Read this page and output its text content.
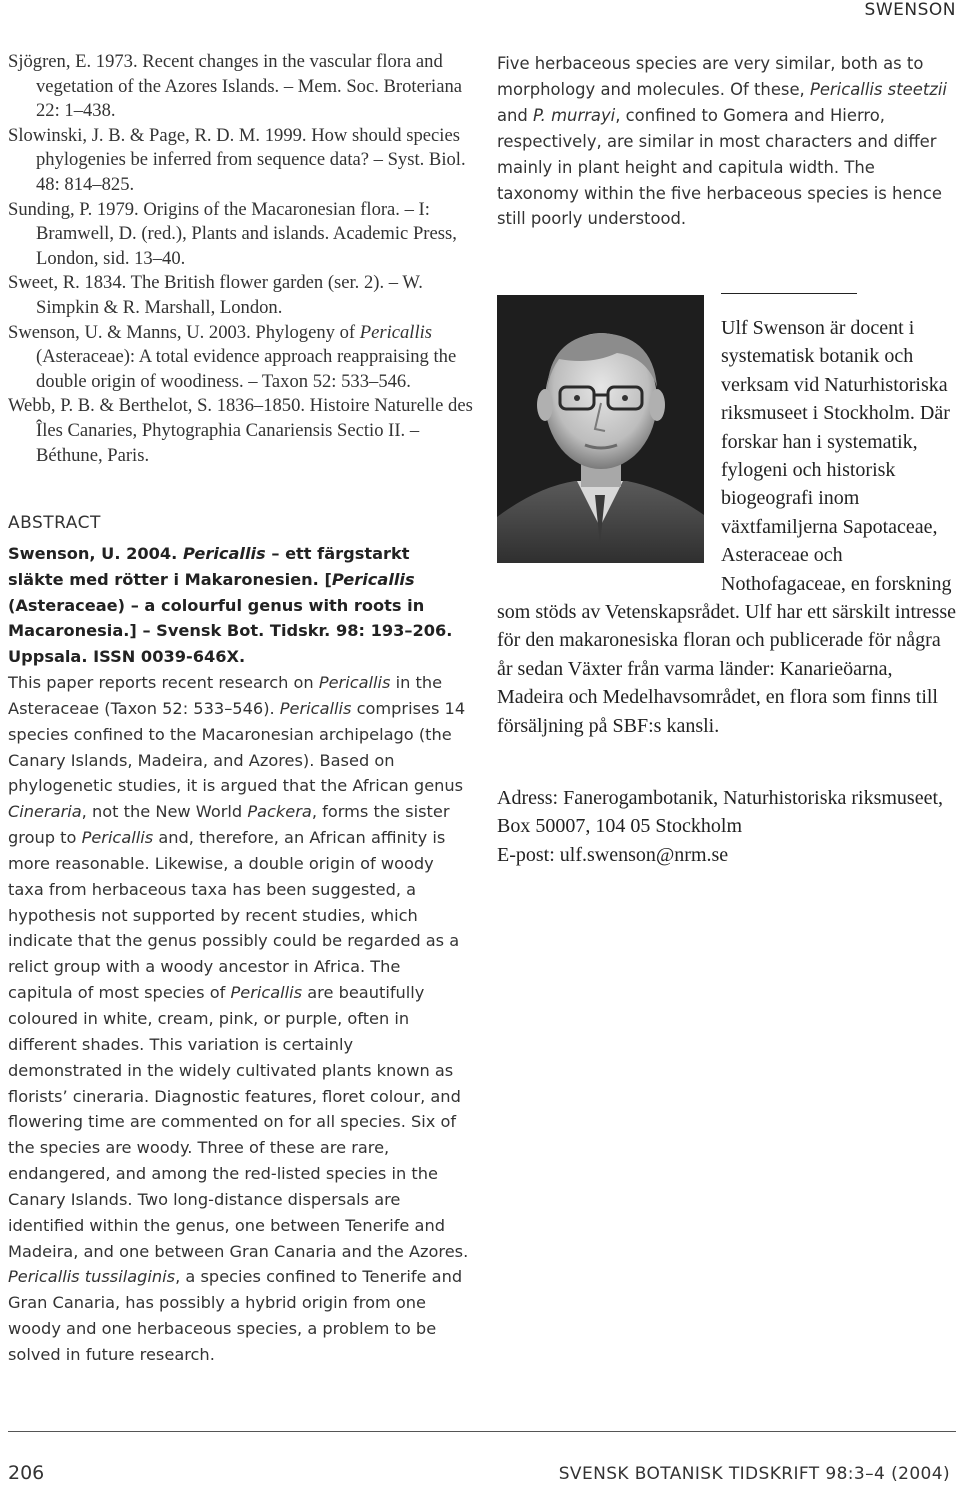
SWENSON

Sjögren, E. 1973. Recent changes in the vascular flora and vegetation of the Azores Islands. – Mem. Soc. Broteriana 22: 1–438.

Slowinski, J. B. & Page, R. D. M. 1999. How should species phylogenies be inferred from sequence data? – Syst. Biol. 48: 814–825.

Sunding, P. 1979. Origins of the Macaronesian flora. – I: Bramwell, D. (red.), Plants and islands. Academic Press, London, sid. 13–40.

Sweet, R. 1834. The British flower garden (ser. 2). – W. Simpkin & R. Marshall, London.

Swenson, U. & Manns, U. 2003. Phylogeny of Pericallis (Asteraceae): A total evidence approach reappraising the double origin of woodiness. – Taxon 52: 533–546.

Webb, P. B. & Berthelot, S. 1836–1850. Histoire Naturelle des Îles Canaries, Phytographia Canariensis Sectio II. – Béthune, Paris.

ABSTRACT

Swenson, U. 2004. Pericallis – ett färgstarkt släkte med rötter i Makaronesien. [Pericallis (Asteraceae) – a colourful genus with roots in Macaronesia.] – Svensk Bot. Tidskr. 98: 193–206. Uppsala. ISSN 0039-646X.

This paper reports recent research on Pericallis in the Asteraceae (Taxon 52: 533–546). Pericallis comprises 14 species confined to the Macaronesian archipelago (the Canary Islands, Madeira, and Azores). Based on phylogenetic studies, it is argued that the African genus Cineraria, not the New World Packera, forms the sister group to Pericallis and, therefore, an African affinity is more reasonable. Likewise, a double origin of woody taxa from herbaceous taxa has been suggested, a hypothesis not supported by recent studies, which indicate that the genus possibly could be regarded as a relict group with a woody ancestor in Africa. The capitula of most species of Pericallis are beautifully coloured in white, cream, pink, or purple, often in different shades. This variation is certainly demonstrated in the widely cultivated plants known as florists’ cineraria. Diagnostic features, floret colour, and flowering time are commented on for all species. Six of the species are woody. Three of these are rare, endangered, and among the red-listed species in the Canary Islands. Two long-distance dispersals are identified within the genus, one between Tenerife and Madeira, and one between Gran Canaria and the Azores. Pericallis tussilaginis, a species confined to Tenerife and Gran Canaria, has possibly a hybrid origin from one woody and one herbaceous species, a problem to be solved in future research.

Five herbaceous species are very similar, both as to morphology and molecules. Of these, Pericallis steetzii and P. murrayi, confined to Gomera and Hierro, respectively, are similar in most characters and differ mainly in plant height and capitula width. The taxonomy within the five herbaceous species is hence still poorly understood.

Ulf Swenson är docent i systematisk botanik och verksam vid Naturhistoriska riksmuseet i Stockholm. Där forskar han i systematik, fylogeni och historisk biogeografi inom växtfamiljerna Sapotaceae, Asteraceae och Nothofagaceae, en forskning som stöds av Vetenskapsrådet. Ulf har ett särskilt intresse för den makaronesiska floran och publicerade för några år sedan Växter från varma länder: Kanarieöarna, Madeira och Medelhavsområdet, en flora som finns till försäljning på SBF:s kansli.

Adress: Fanerogambotanik, Naturhistoriska riksmuseet, Box 50007, 104 05 Stockholm

E-post: ulf.swenson@nrm.se

206	SVENSK BOTANISK TIDSKRIFT 98:3–4 (2004)
